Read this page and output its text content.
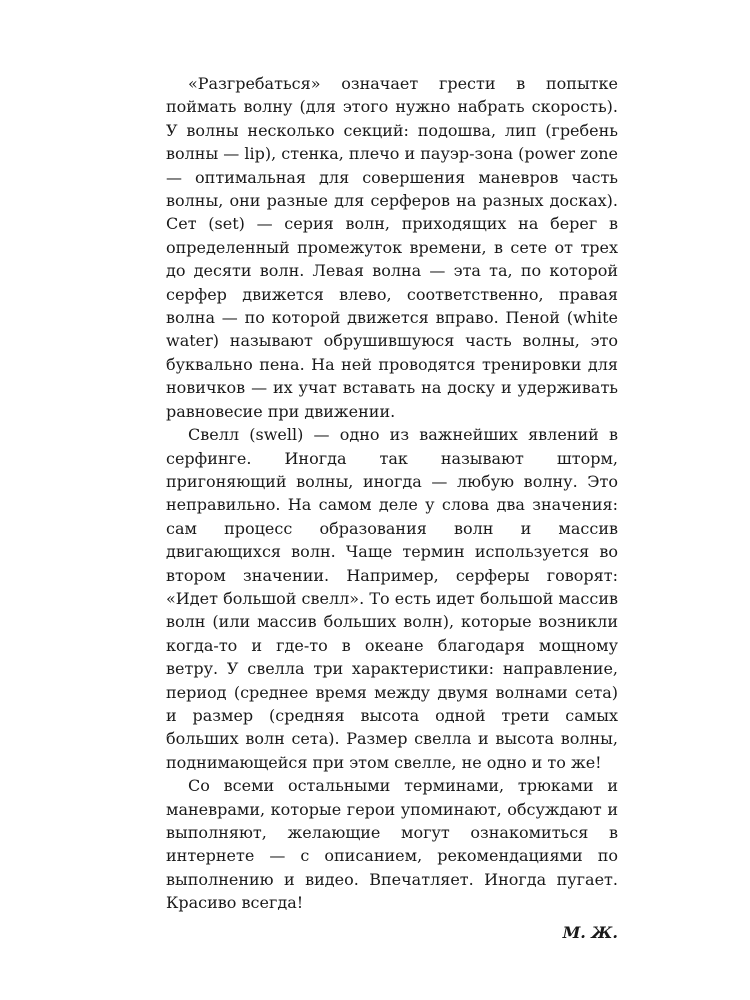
«Разгребаться» означает грести в попытке поймать волну (для этого нужно набрать скорость). У волны несколько секций: подошва, лип (гребень волны — lip), стенка, плечо и пауэр-зона (power zone — оптимальная для совершения маневров часть волны, они разные для серферов на разных досках). Сет (set) — серия волн, приходящих на берег в определенный промежуток времени, в сете от трех до десяти волн. Левая волна — эта та, по которой серфер движется влево, соответственно, правая волна — по которой движется вправо. Пеной (white water) называют обрушившуюся часть волны, это буквально пена. На ней проводятся тренировки для новичков — их учат вставать на доску и удерживать равновесие при движении.

Свелл (swell) — одно из важнейших явлений в серфинге. Иногда так называют шторм, пригоняющий волны, иногда — любую волну. Это неправильно. На самом деле у слова два значения: сам процесс образования волн и массив двигающихся волн. Чаще термин используется во втором значении. Например, серферы говорят: «Идет большой свелл». То есть идет большой массив волн (или массив больших волн), которые возникли когда-то и где-то в океане благодаря мощному ветру. У свелла три характеристики: направление, период (среднее время между двумя волнами сета) и размер (средняя высота одной трети самых больших волн сета). Размер свелла и высота волны, поднимающейся при этом свелле, не одно и то же!

Со всеми остальными терминами, трюками и маневрами, которые герои упоминают, обсуждают и выполняют, желающие могут ознакомиться в интернете — с описанием, рекомендациями по выполнению и видео. Впечатляет. Иногда пугает. Красиво всегда!

М. Ж.
